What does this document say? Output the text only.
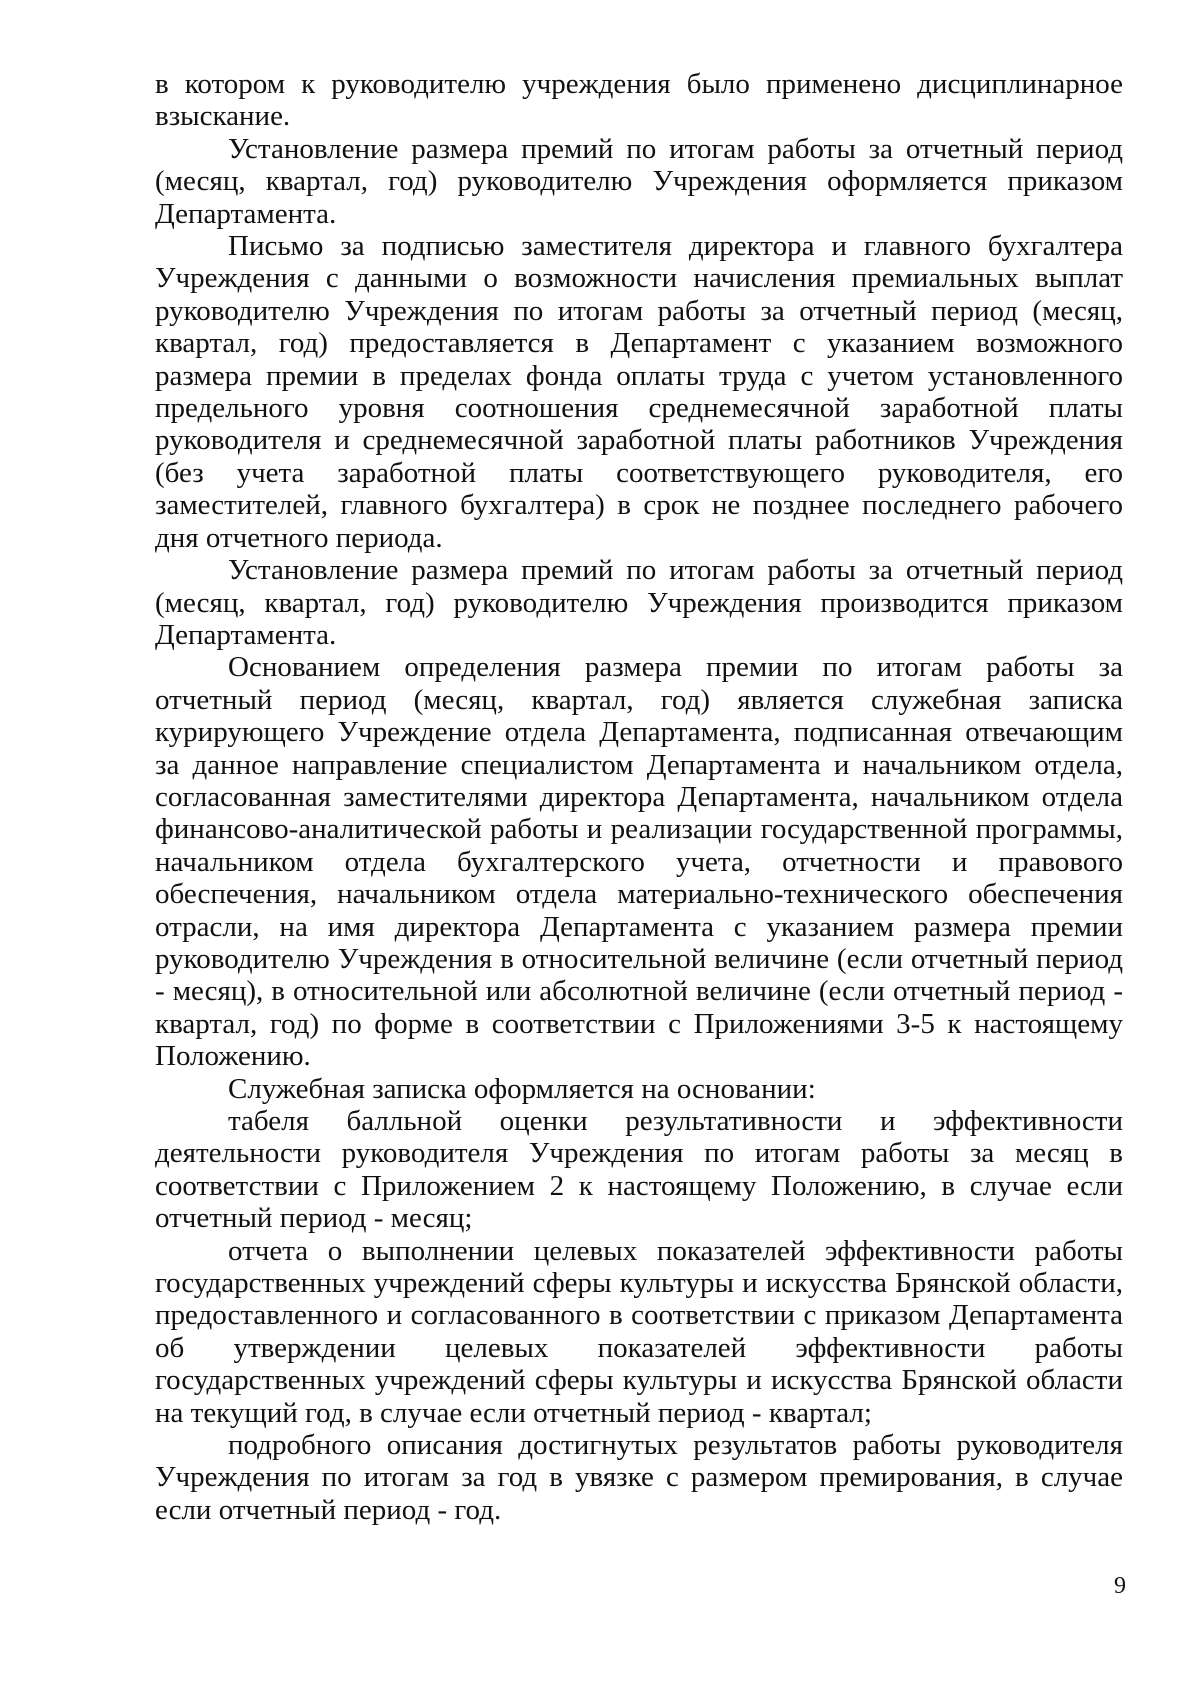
в котором к руководителю учреждения было применено дисциплинарное взыскание.

Установление размера премий по итогам работы за отчетный период (месяц, квартал, год) руководителю Учреждения оформляется приказом Департамента.

Письмо за подписью заместителя директора и главного бухгалтера Учреждения с данными о возможности начисления премиальных выплат руководителю Учреждения по итогам работы за отчетный период (месяц, квартал, год) предоставляется в Департамент с указанием возможного размера премии в пределах фонда оплаты труда с учетом установленного предельного уровня соотношения среднемесячной заработной платы руководителя и среднемесячной заработной платы работников Учреждения (без учета заработной платы соответствующего руководителя, его заместителей, главного бухгалтера) в срок не позднее последнего рабочего дня отчетного периода.

Установление размера премий по итогам работы за отчетный период (месяц, квартал, год) руководителю Учреждения производится приказом Департамента.

Основанием определения размера премии по итогам работы за отчетный период (месяц, квартал, год) является служебная записка курирующего Учреждение отдела Департамента, подписанная отвечающим за данное направление специалистом Департамента и начальником отдела, согласованная заместителями директора Департамента, начальником отдела финансово-аналитической работы и реализации государственной программы, начальником отдела бухгалтерского учета, отчетности и правового обеспечения, начальником отдела материально-технического обеспечения отрасли, на имя директора Департамента с указанием размера премии руководителю Учреждения в относительной величине (если отчетный период - месяц), в относительной или абсолютной величине (если отчетный период - квартал, год) по форме в соответствии с Приложениями 3-5 к настоящему Положению.

Служебная записка оформляется на основании:

табеля балльной оценки результативности и эффективности деятельности руководителя Учреждения по итогам работы за месяц в соответствии с Приложением 2 к настоящему Положению, в случае если отчетный период - месяц;

отчета о выполнении целевых показателей эффективности работы государственных учреждений сферы культуры и искусства Брянской области, предоставленного и согласованного в соответствии с приказом Департамента об утверждении целевых показателей эффективности работы государственных учреждений сферы культуры и искусства Брянской области на текущий год, в случае если отчетный период - квартал;

подробного описания достигнутых результатов работы руководителя Учреждения по итогам за год в увязке с размером премирования, в случае если отчетный период - год.

9
